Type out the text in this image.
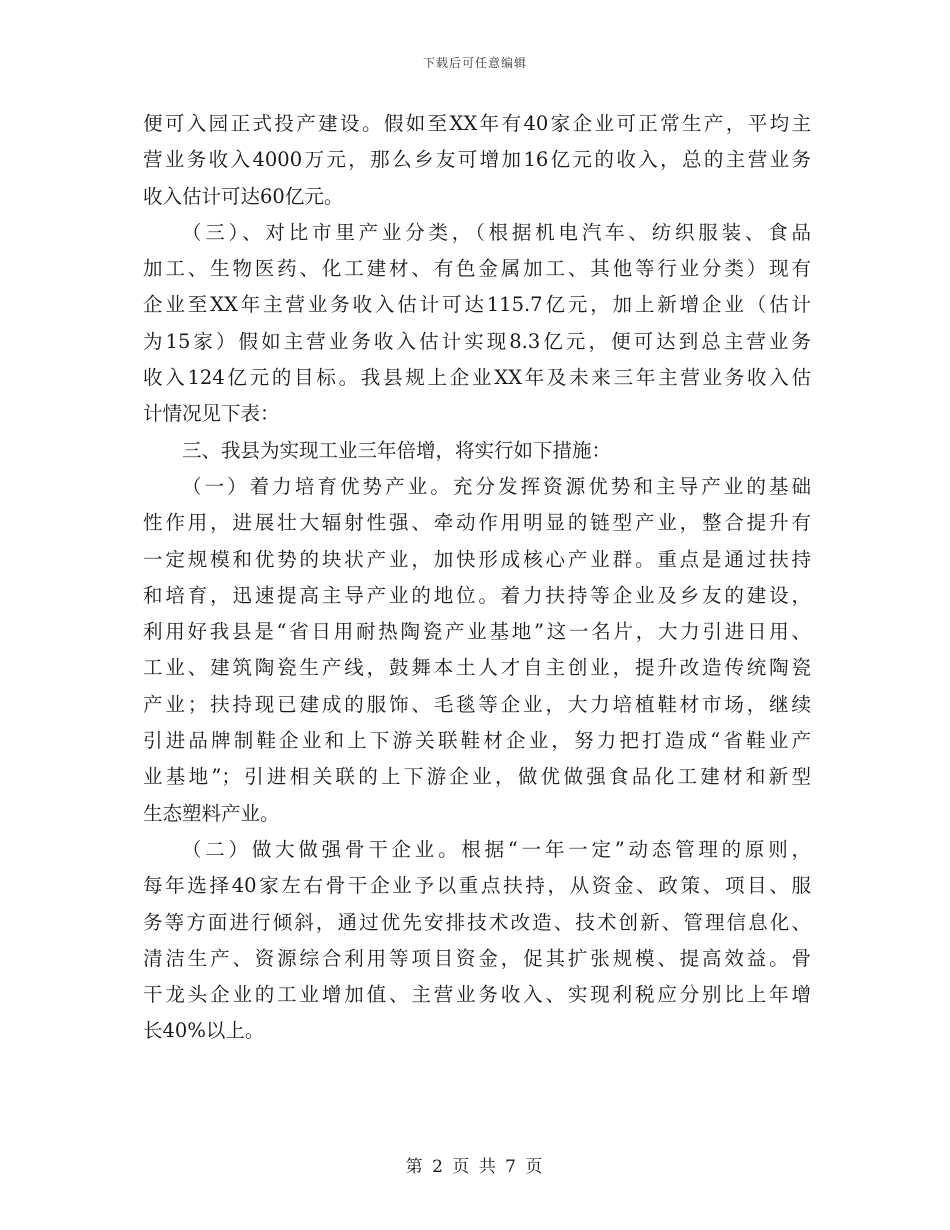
下载后可任意编辑
便可入园正式投产建设。假如至XX年有40家企业可正常生产，平均主
营业务收入4000万元，那么乡友可增加16亿元的收入，总的主营业务
收入估计可达60亿元。
（三）、对比市里产业分类，（根据机电汽车、纺织服装、食品
加工、生物医药、化工建材、有色金属加工、其他等行业分类）现有
企业至XX年主营业务收入估计可达115.7亿元，加上新增企业（估计
为15家）假如主营业务收入估计实现8.3亿元，便可达到总主营业务
收入124亿元的目标。我县规上企业XX年及未来三年主营业务收入估
计情况见下表：
三、我县为实现工业三年倍增，将实行如下措施：
（一）着力培育优势产业。充分发挥资源优势和主导产业的基础
性作用，进展壮大辐射性强、牵动作用明显的链型产业，整合提升有
一定规模和优势的块状产业，加快形成核心产业群。重点是通过扶持
和培育，迅速提高主导产业的地位。着力扶持等企业及乡友的建设，
利用好我县是“省日用耐热陶瓷产业基地”这一名片，大力引进日用、
工业、建筑陶瓷生产线，鼓舞本土人才自主创业，提升改造传统陶瓷
产业；扶持现已建成的服饰、毛毯等企业，大力培植鞋材市场，继续
引进品牌制鞋企业和上下游关联鞋材企业，努力把打造成“省鞋业产
业基地”；引进相关联的上下游企业，做优做强食品化工建材和新型
生态塑料产业。
（二）做大做强骨干企业。根据“一年一定”动态管理的原则，
每年选择40家左右骨干企业予以重点扶持，从资金、政策、项目、服
务等方面进行倾斜，通过优先安排技术改造、技术创新、管理信息化、
清洁生产、资源综合利用等项目资金，促其扩张规模、提高效益。骨
干龙头企业的工业增加值、主营业务收入、实现利税应分别比上年增
长40%以上。
第 2 页 共 7 页
